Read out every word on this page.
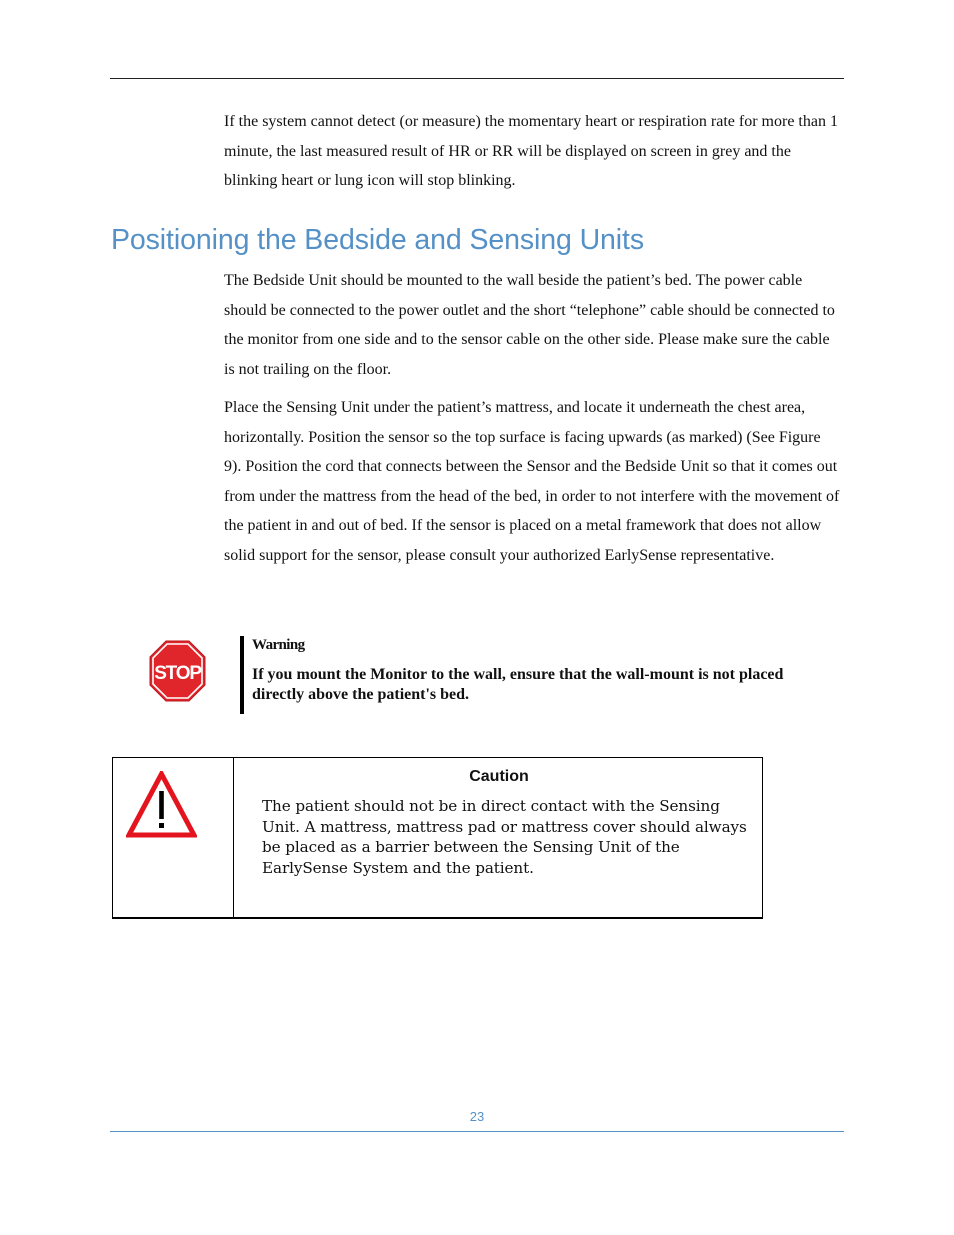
If the system cannot detect (or measure) the momentary heart or respiration rate for more than 1 minute, the last measured result of HR or RR will be displayed on screen in grey and the blinking heart or lung icon will stop blinking.

Positioning the Bedside and Sensing Units

The Bedside Unit should be mounted to the wall beside the patient’s bed. The power cable should be connected to the power outlet and the short “telephone” cable should be connected to the monitor from one side and to the sensor cable on the other side. Please make sure the cable is not trailing on the floor.

Place the Sensing Unit under the patient’s mattress, and locate it underneath the chest area, horizontally. Position the sensor so the top surface is facing upwards (as marked) (See Figure 9). Position the cord that connects between the Sensor and the Bedside Unit so that it comes out from under the mattress from the head of the bed, in order to not interfere with the movement of the patient in and out of bed. If the sensor is placed on a metal framework that does not allow solid support for the sensor, please consult your authorized EarlySense representative.

STOP

Warning

If you mount the Monitor to the wall, ensure that the wall-mount is not placed directly above the patient's bed.

Caution

The patient should not be in direct contact with the Sensing Unit. A mattress, mattress pad or mattress cover should always be placed as a barrier between the Sensing Unit of the EarlySense System and the patient.

23
